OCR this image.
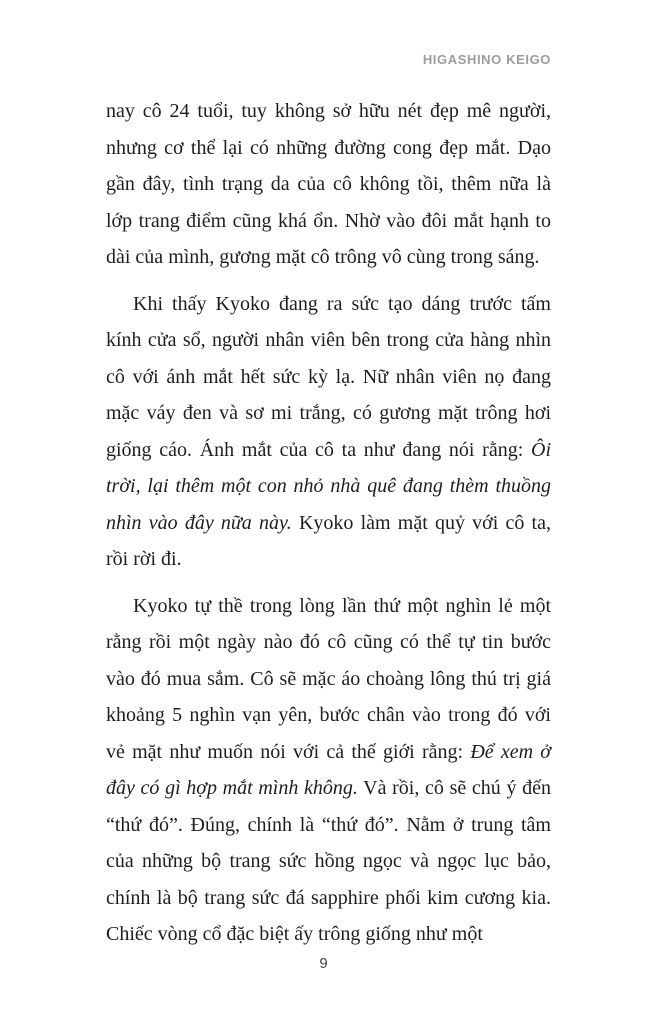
HIGASHINO KEIGO

nay cô 24 tuổi, tuy không sở hữu nét đẹp mê người, nhưng cơ thể lại có những đường cong đẹp mắt. Dạo gần đây, tình trạng da của cô không tồi, thêm nữa là lớp trang điểm cũng khá ổn. Nhờ vào đôi mắt hạnh to dài của mình, gương mặt cô trông vô cùng trong sáng.

Khi thấy Kyoko đang ra sức tạo dáng trước tấm kính cửa sổ, người nhân viên bên trong cửa hàng nhìn cô với ánh mắt hết sức kỳ lạ. Nữ nhân viên nọ đang mặc váy đen và sơ mi trắng, có gương mặt trông hơi giống cáo. Ánh mắt của cô ta như đang nói rằng: Ôi trời, lại thêm một con nhỏ nhà quê đang thèm thuồng nhìn vào đây nữa này. Kyoko làm mặt quỷ với cô ta, rồi rời đi.

Kyoko tự thề trong lòng lần thứ một nghìn lẻ một rằng rồi một ngày nào đó cô cũng có thể tự tin bước vào đó mua sắm. Cô sẽ mặc áo choàng lông thú trị giá khoảng 5 nghìn vạn yên, bước chân vào trong đó với vẻ mặt như muốn nói với cả thế giới rằng: Để xem ở đây có gì hợp mắt mình không. Và rồi, cô sẽ chú ý đến “thứ đó”. Đúng, chính là “thứ đó”. Nằm ở trung tâm của những bộ trang sức hồng ngọc và ngọc lục bảo, chính là bộ trang sức đá sapphire phối kim cương kia. Chiếc vòng cổ đặc biệt ấy trông giống như một

9
